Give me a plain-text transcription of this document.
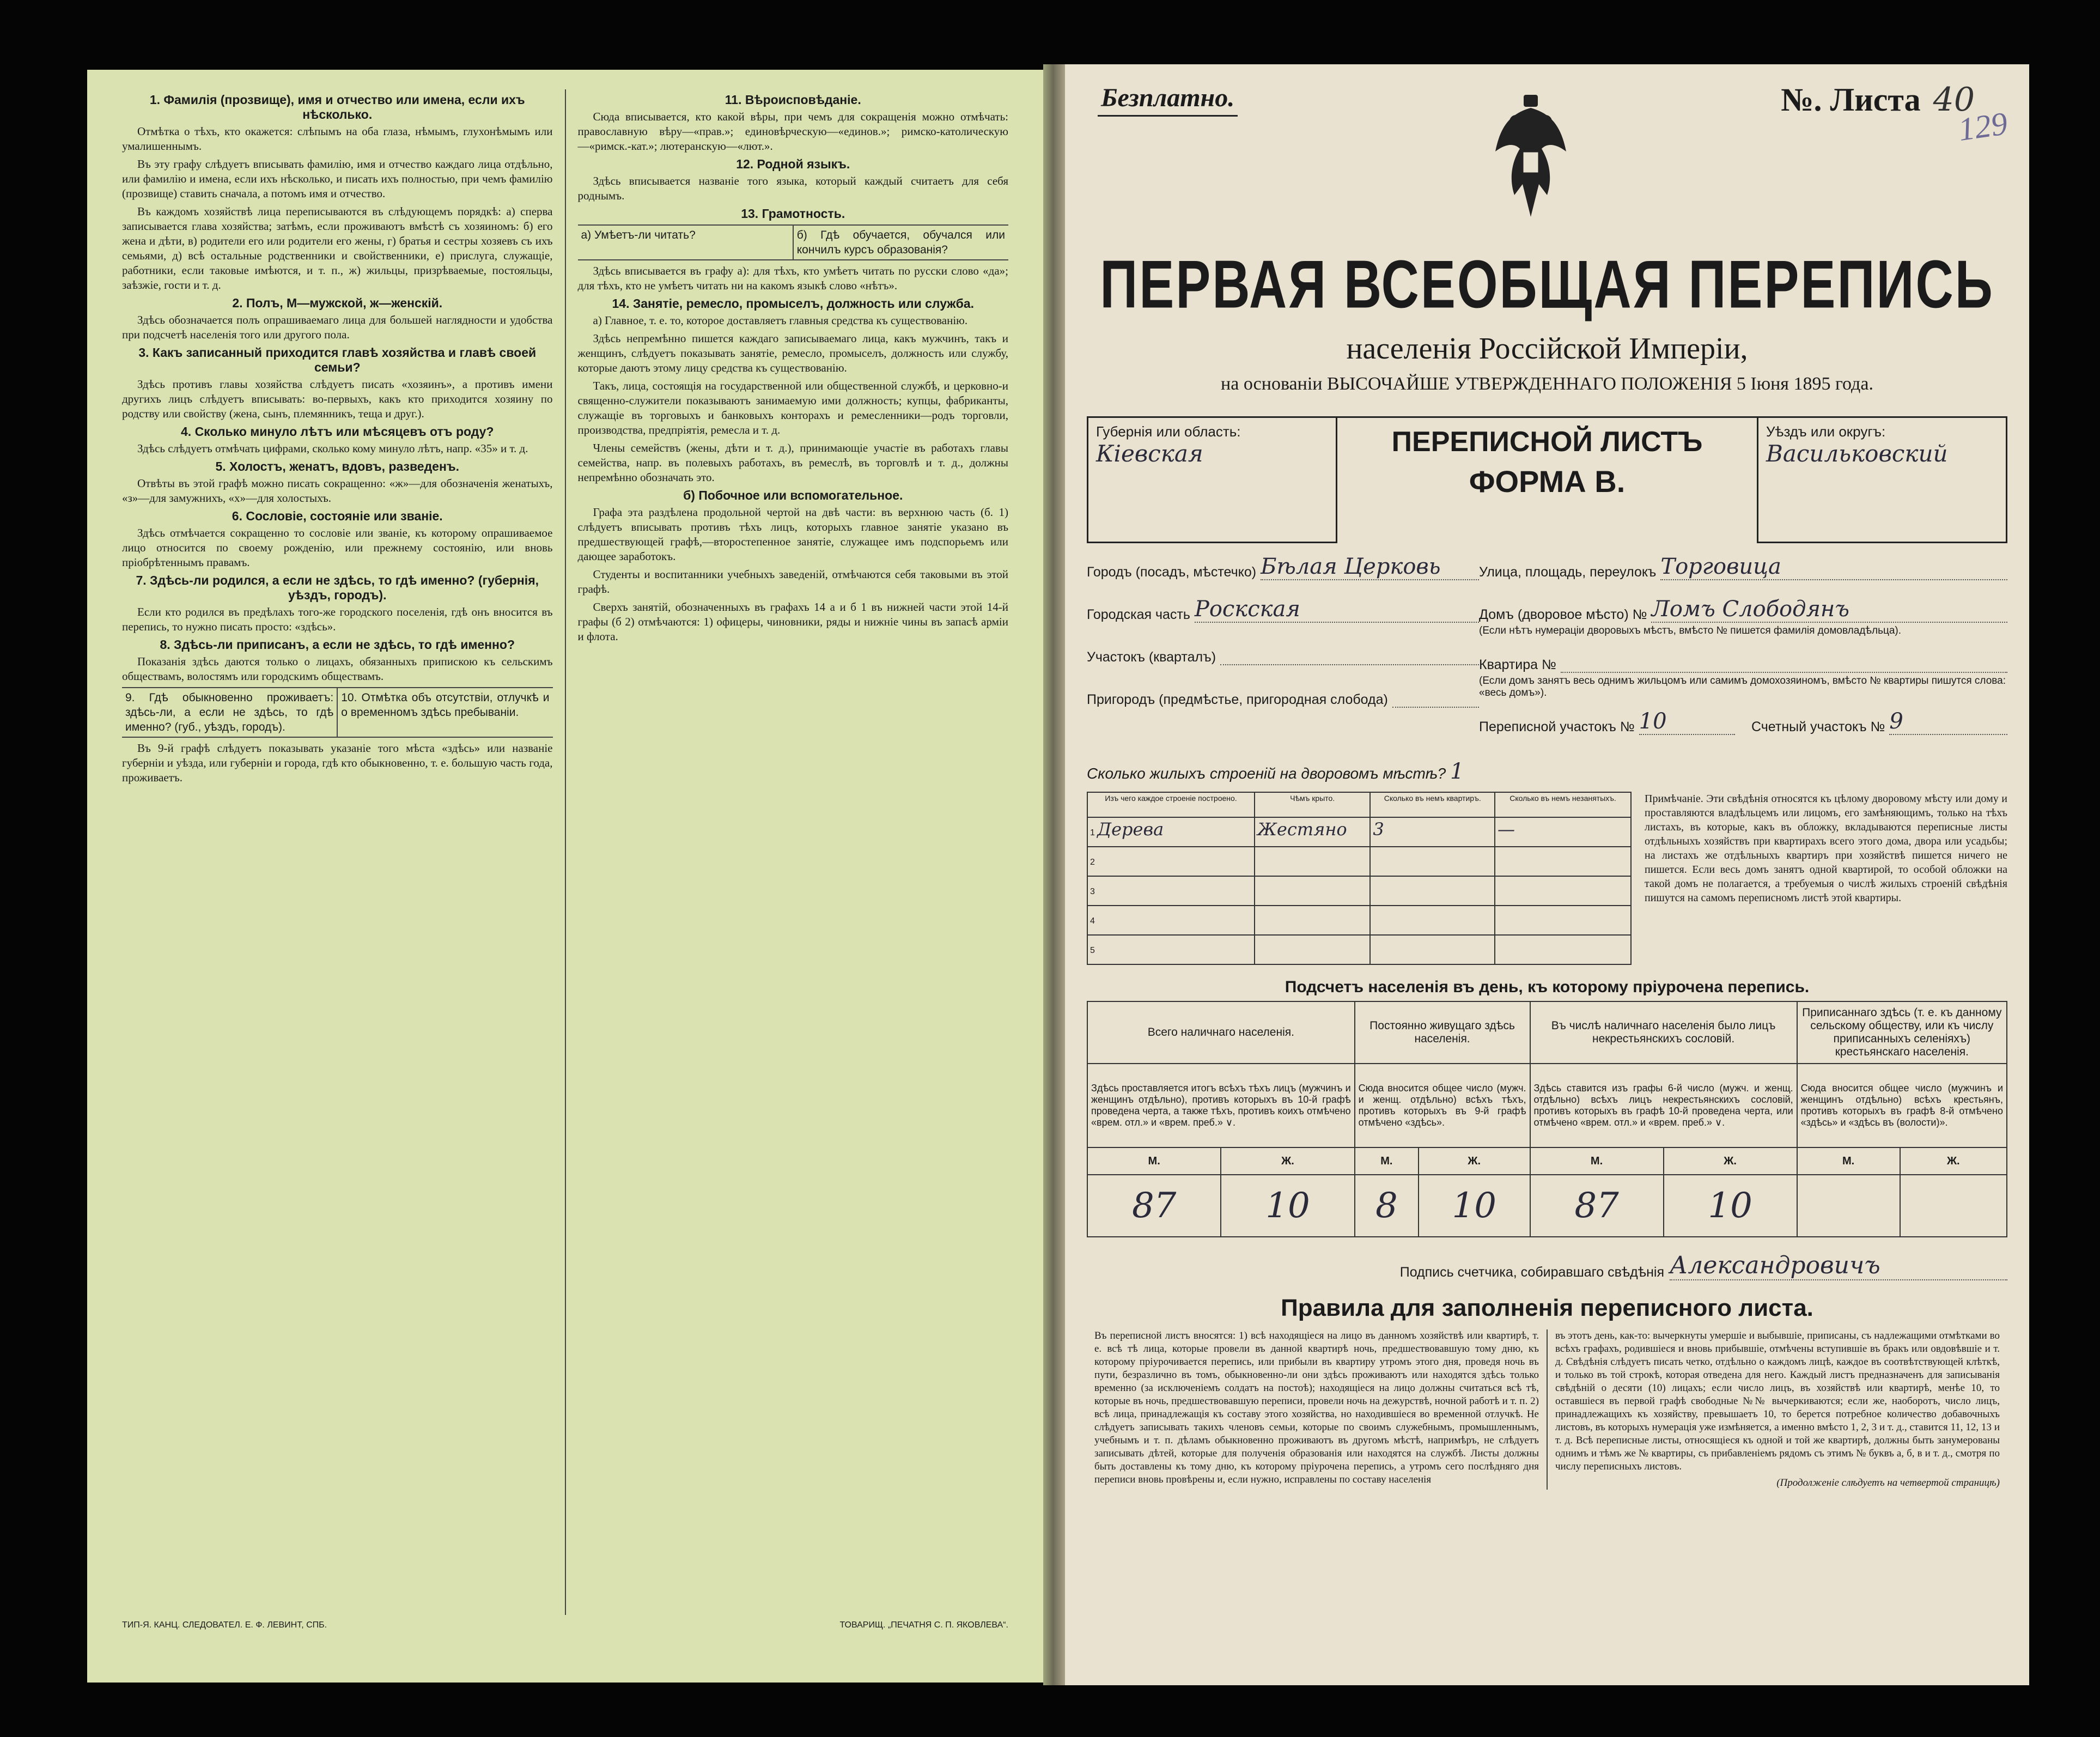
1. Фамилія (прозвище), имя и отчество или имена, если ихъ нѣсколько.

Отмѣтка о тѣхъ, кто окажется: слѣпымъ на оба глаза, нѣмымъ, глухонѣмымъ или умалишеннымъ.

Въ эту графу слѣдуетъ вписывать фамилію, имя и отчество каждаго лица отдѣльно, или фамилію и имена, если ихъ нѣсколько, и писать ихъ полностью, при чемъ фамилію (прозвище) ставить сначала, а потомъ имя и отчество.

Въ каждомъ хозяйствѣ лица переписываются въ слѣдующемъ порядкѣ: а) сперва записывается глава хозяйства; затѣмъ, если проживаютъ вмѣстѣ съ хозяиномъ: б) его жена и дѣти, в) родители его или родители его жены, г) братья и сестры хозяевъ съ ихъ семьями, д) всѣ остальные родственники и свойственники, е) прислуга, служащіе, работники, если таковые имѣются, и т. п., ж) жильцы, призрѣваемые, постояльцы, заѣзжіе, гости и т. д.

2. Полъ, М—мужской, ж—женскій.

Здѣсь обозначается полъ опрашиваемаго лица для большей наглядности и удобства при подсчетѣ населенія того или другого пола.

3. Какъ записанный приходится главѣ хозяйства и главѣ своей семьи?

Здѣсь противъ главы хозяйства слѣдуетъ писать «хозяинъ», а противъ имени другихъ лицъ слѣдуетъ вписывать: во-первыхъ, какъ кто приходится хозяину по родству или свойству (жена, сынъ, племянникъ, теща и друг.).

4. Сколько минуло лѣтъ или мѣсяцевъ отъ роду?

Здѣсь слѣдуетъ отмѣчать цифрами, сколько кому минуло лѣтъ, напр. «35» и т. д.

5. Холостъ, женатъ, вдовъ, разведенъ.

Отвѣты въ этой графѣ можно писать сокращенно: «ж»—для обозначенія женатыхъ, «з»—для замужнихъ, «х»—для холостыхъ.

6. Сословіе, состояніе или званіе.

Здѣсь отмѣчается сокращенно то сословіе или званіе, къ которому опрашиваемое лицо относится по своему рожденію, или прежнему состоянію, или вновь пріобрѣтеннымъ правамъ.

7. Здѣсь-ли родился, а если не здѣсь, то гдѣ именно? (губернія, уѣздъ, городъ).

Если кто родился въ предѣлахъ того-же городского поселенія, гдѣ онъ вносится въ перепись, то нужно писать просто: «здѣсь».

8. Здѣсь-ли приписанъ, а если не здѣсь, то гдѣ именно?

Показанія здѣсь даются только о лицахъ, обязанныхъ припискою къ сельскимъ обществамъ, волостямъ или городскимъ обществамъ.

9. Гдѣ обыкновенно проживаетъ: здѣсь-ли, а если не здѣсь, то гдѣ именно? (губ., уѣздъ, городъ).
10. Отмѣтка объ отсутствіи, отлучкѣ и о временномъ здѣсь пребываніи.

Въ 9-й графѣ слѣдуетъ показывать указаніе того мѣста «здѣсь» или названіе губерніи и уѣзда, или губерніи и города, гдѣ кто обыкновенно, т. е. большую часть года, проживаетъ.

11. Вѣроисповѣданіе.

Сюда вписывается, кто какой вѣры, при чемъ для сокращенія можно отмѣчать: православную вѣру—«прав.»; единовѣрческую—«единов.»; римско-католическую—«римск.-кат.»; лютеранскую—«лют.».

12. Родной языкъ.

Здѣсь вписывается названіе того языка, который каждый считаетъ для себя роднымъ.

13. Грамотность.
а) Умѣетъ-ли читать?	б) Гдѣ обучается, обучался или кончилъ курсъ образованія?

Здѣсь вписывается въ графу а): для тѣхъ, кто умѣетъ читать по русски слово «да»; для тѣхъ, кто не умѣетъ читать ни на какомъ языкѣ слово «нѣтъ».

14. Занятіе, ремесло, промыселъ, должность или служба.

а) Главное, т. е. то, которое доставляетъ главныя средства къ существованію.

Здѣсь непремѣнно пишется каждаго записываемаго лица, какъ мужчинъ, такъ и женщинъ, слѣдуетъ показывать занятіе, ремесло, промыселъ, должность или службу, которые даютъ этому лицу средства къ существованію.

Такъ, лица, состоящія на государственной или общественной службѣ, и церковно-и священно-служители показываютъ занимаемую ими должность; купцы, фабриканты, служащіе въ торговыхъ и банковыхъ конторахъ и ремесленники—родъ торговли, производства, предпріятія, ремесла и т. д.

Члены семействъ (жены, дѣти и т. д.), принимающіе участіе въ работахъ главы семейства, напр. въ полевыхъ работахъ, въ ремеслѣ, въ торговлѣ и т. д., должны непремѣнно обозначать это.

б) Побочное или вспомогательное.

Графа эта раздѣлена продольной чертой на двѣ части: въ верхнюю часть (б. 1) слѣдуетъ вписывать противъ тѣхъ лицъ, которыхъ главное занятіе указано въ предшествующей графѣ,—второстепенное занятіе, служащее имъ подспорьемъ или дающее заработокъ.

Студенты и воспитанники учебныхъ заведеній, отмѣчаются себя таковыми въ этой графѣ.

Сверхъ занятій, обозначенныхъ въ графахъ 14 а и б 1 въ нижней части этой 14-й графы (б 2) отмѣчаются: 1) офицеры, чиновники, ряды и нижніе чины въ запасѣ арміи и флота.

ТИП-Я. КАНЦ. СЛЕДОВАТЕЛ. Е. Ф. ЛЕВИНТ, СПБ.	ТОВАРИЩ. „ПЕЧАТНЯ С. П. ЯКОВЛЕВА“.
129
Безплатно.	№. Листа 40
ПЕРВАЯ ВСЕОБЩАЯ ПЕРЕПИСЬ
населенія Россійской Имперіи,
на основаніи ВЫСОЧАЙШЕ УТВЕРЖДЕННАГО ПОЛОЖЕНІЯ 5 Іюня 1895 года.
Губернія или область:
Кіевская	ПЕРЕПИСНОЙ ЛИСТЪ
ФОРМА В.
Уѣздъ или округъ:
Васильковский
Городъ (посадъ, мѣстечко) Бѣлая Церковь
Городская часть Роскская
Участокъ (кварталъ)
Пригородъ (предмѣстье, пригородная слобода)
Улица, площадь, переулокъ Торговица
Домъ (дворовое мѣсто) № Ломъ Слободянъ
(Если нѣтъ нумераціи дворовыхъ мѣстъ, вмѣсто № пишется фамилія домовладѣльца).
Квартира №
(Если домъ занятъ весь однимъ жильцомъ или самимъ домохозяиномъ, вмѣсто № квартиры пишутся слова: «весь домъ»).
Переписной участокъ № 10	Счетный участокъ № 9
Сколько жилыхъ строеній на дворовомъ мѣстѣ? 1
Изъ чего каждое строеніе построено.	Чѣмъ крыто.	Сколько въ немъ квартиръ.	Сколько въ немъ незанятыхъ.
1 Дерева	Жестяно	3	—
2			
3			
4			
5			
Примѣчаніе. Эти свѣдѣнія относятся къ цѣлому дворовому мѣсту или дому и проставляются владѣльцемъ или лицомъ, его замѣняющимъ, только на тѣхъ листахъ, въ которые, какъ въ обложку, вкладываются переписные листы отдѣльныхъ хозяйствъ при квартирахъ всего этого дома, двора или усадьбы; на листахъ же отдѣльныхъ квартиръ при хозяйствѣ пишется ничего не пишется. Если весь домъ занятъ одной квартирой, то особой обложки на такой домъ не полагается, а требуемыя о числѣ жилыхъ строеній свѣдѣнія пишутся на самомъ переписномъ листѣ этой квартиры.
Подсчетъ населенія въ день, къ которому пріурочена перепись.
Всего наличнаго населенія.		Постоянно живущаго здѣсь населенія.		Въ числѣ наличнаго населенія было лицъ некрестьянскихъ сословій.		Приписаннаго здѣсь (т. е. къ данному сельскому обществу, или къ числу приписанныхъ селеніяхъ) крестьянскаго населенія.	
Здѣсь проставляется итогъ всѣхъ тѣхъ лицъ (мужчинъ и женщинъ отдѣльно), противъ которыхъ въ 10-й графѣ проведена черта, а также тѣхъ, противъ коихъ отмѣчено «врем. отл.» и «врем. преб.» ∨.		Сюда вносится общее число (мужч. и женщ. отдѣльно) всѣхъ тѣхъ, противъ которыхъ въ 9-й графѣ отмѣчено «здѣсь».		Здѣсь ставится изъ графы 6-й число (мужч. и женщ. отдѣльно) всѣхъ лицъ некрестьянскихъ сословій, противъ которыхъ въ графѣ 10-й проведена черта, или отмѣчено «врем. отл.» и «врем. преб.» ∨.		Сюда вносится общее число (мужчинъ и женщинъ отдѣльно) всѣхъ крестьянъ, противъ которыхъ въ графѣ 8-й отмѣчено «здѣсь» и «здѣсь въ (волости)».	
М.	Ж.	М.	Ж.	М.	Ж.	М.	Ж.
87	10	8	10	87	10		
Подпись счетчика, собиравшаго свѣдѣнія Александровичъ
Правила для заполненія переписного листа.
Въ переписной листъ вносятся: 1) всѣ находящіеся на лицо въ данномъ хозяйствѣ или квартирѣ, т. е. всѣ тѣ лица, которые провели въ данной квартирѣ ночь, предшествовавшую тому дню, къ которому пріурочивается перепись, или прибыли въ квартиру утромъ этого дня, проведя ночь въ пути, безразлично въ томъ, обыкновенно-ли они здѣсь проживаютъ или находятся здѣсь только временно (за исключеніемъ солдатъ на постоѣ); находящіеся на лицо должны считаться всѣ тѣ, которые въ ночь, предшествовавшую переписи, провели ночь на дежурствѣ, ночной работѣ и т. п. 2) всѣ лица, принадлежащія къ составу этого хозяйства, но находившіеся во временной отлучкѣ. Не слѣдуетъ записывать такихъ членовъ семьи, которые по своимъ служебнымъ, промышленнымъ, учебнымъ и т. п. дѣламъ обыкновенно проживаютъ въ другомъ мѣстѣ, напримѣръ, не слѣдуетъ записывать дѣтей, которые для полученія образованія или находятся на службѣ. Листы должны быть доставлены къ тому дню, къ которому пріурочена перепись, а утромъ сего послѣдняго дня переписи вновь провѣрены и, если нужно, исправлены по составу населенія
въ этотъ день, как-то: вычеркнуты умершіе и выбывшіе, приписаны, съ надлежащими отмѣтками во всѣхъ графахъ, родившіеся и вновь прибывшіе, отмѣчены вступившіе въ бракъ или овдовѣвшіе и т. д. Свѣдѣнія слѣдуетъ писать четко, отдѣльно о каждомъ лицѣ, каждое въ соотвѣтствующей клѣткѣ, и только въ той строкѣ, которая отведена для него. Каждый листъ предназначенъ для записыванія свѣдѣній о десяти (10) лицахъ; если число лицъ, въ хозяйствѣ или квартирѣ, менѣе 10, то оставшіеся въ первой графѣ свободные №№ вычеркиваются; если же, наоборотъ, число лицъ, принадлежащихъ къ хозяйству, превышаетъ 10, то берется потребное количество добавочныхъ листовъ, въ которыхъ нумерація уже измѣняется, а именно вмѣсто 1, 2, 3 и т. д., ставится 11, 12, 13 и т. д. Всѣ переписные листы, относящіеся къ одной и той же квартирѣ, должны быть занумерованы однимъ и тѣмъ же № квартиры, съ прибавленіемъ рядомъ съ этимъ № буквъ а, б, в и т. д., смотря по числу переписныхъ листовъ.
(Продолженіе слѣдуетъ на четвертой страницѣ)
